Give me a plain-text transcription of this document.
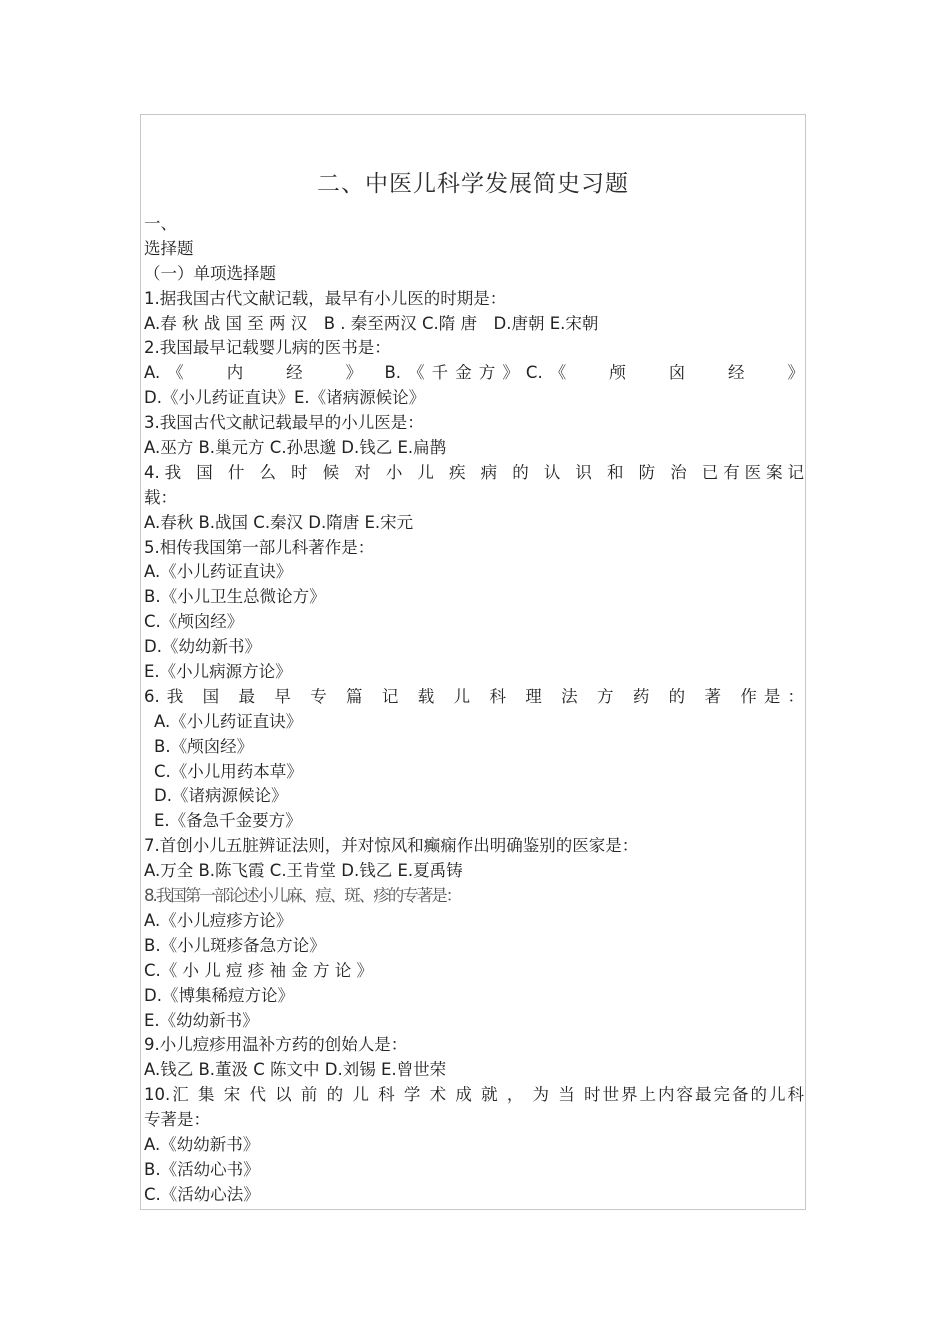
二、中医儿科学发展简史习题
一、
选择题
（一）单项选择题
1.据我国古代文献记载，最早有小儿医的时期是：
A.春 秋 战 国 至 两 汉　B . 秦至两汉 C.隋 唐　D.唐朝 E.宋朝
2.我国最早记载婴儿病的医书是：
A.《　 内　 经　 》　B.《千金方》C.《　 颅　 囟　 经　 》
D.《小儿药证直诀》E.《诸病源候论》
3.我国古代文献记载最早的小儿医是：
A.巫方 B.巢元方 C.孙思邈 D.钱乙 E.扁鹊
4.我 国 什 么 时 候 对 小 儿 疾 病 的 认 识 和 防 治 已有医案记
载：
A.春秋 B.战国 C.秦汉 D.隋唐 E.宋元
5.相传我国第一部儿科著作是：
A.《小儿药证直诀》
B.《小儿卫生总微论方》
C.《颅囟经》
D.《幼幼新书》
E.《小儿病源方论》
6.我 国 最 早 专 篇 记 载 儿 科 理 法 方 药 的 著 作是：
A.《小儿药证直诀》
B.《颅囟经》
C.《小儿用药本草》
D.《诸病源候论》
E.《备急千金要方》
7.首创小儿五脏辨证法则，并对惊风和癫痫作出明确鉴别的医家是：
A.万全 B.陈飞霞 C.王肯堂 D.钱乙 E.夏禹铸
8.我国第一部论述小儿麻、痘、斑、疹的专著是：
A.《小儿痘疹方论》
B.《小儿斑疹备急方论》
C.《 小 儿 痘 疹 袖 金 方 论 》
D.《博集稀痘方论》
E.《幼幼新书》
9.小儿痘疹用温补方药的创始人是：
A.钱乙 B.董汲 C 陈文中 D.刘锡 E.曾世荣
10.汇 集 宋 代 以 前 的 儿 科 学 术 成 就 ， 为 当 时世界上内容最完备的儿科
专著是：
A.《幼幼新书》
B.《活幼心书》
C.《活幼心法》
